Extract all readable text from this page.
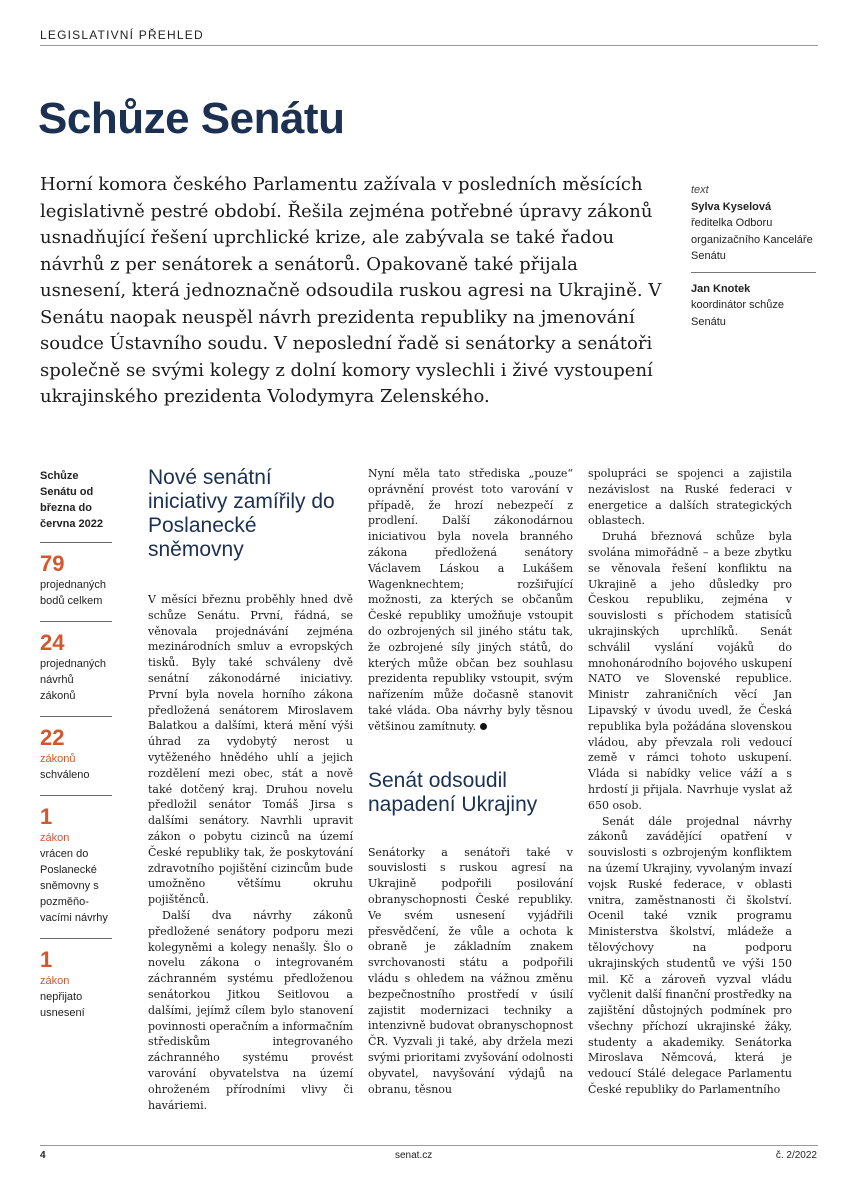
LEGISLATIVNÍ PŘEHLED
Schůze Senátu

Horní komora českého Parlamentu zažívala v posledních měsících legislativně pestré období. Řešila zejména potřebné úpravy zákonů usnadňující řešení uprchlické krize, ale zabývala se také řadou návrhů z per senátorek a senátorů. Opakovaně také přijala usnesení, která jednoznačně odsoudila ruskou agresi na Ukrajině. V Senátu naopak neuspěl návrh prezidenta republiky na jmenování soudce Ústavního soudu. V neposlední řadě si senátorky a senátoři společně se svými kolegy z dolní komory vyslechli i živé vystoupení ukrajinského prezidenta Volodymyra Zelenského.

text
Sylva Kyselová
ředitelka Odboru organizačního Kanceláře Senátu
Jan Knotek
koordinátor schůze Senátu
Schůze Senátu od března do června 2022
79
projednaných bodů celkem
24
projednaných návrhů zákonů
22
zákonů
schváleno
1
zákon
vrácen do Poslanecké sněmovny s pozměňovacími návrhy
1
zákon
nepřijato usnesení
Nové senátní iniciativy zamířily do Poslanecké sněmovny

V měsíci březnu proběhly hned dvě schůze Senátu. První, řádná, se věnovala projednávání zejména mezinárodních smluv a evropských tisků. Byly také schváleny dvě senátní zákonodárné iniciativy. První byla novela horního zákona předložená senátorem Miroslavem Balatkou a dalšími, která mění výši úhrad za vydobytý nerost u vytěženého hnědého uhlí a jejich rozdělení mezi obec, stát a nově také dotčený kraj. Druhou novelu předložil senátor Tomáš Jirsa s dalšími senátory. Navrhli upravit zákon o pobytu cizinců na území České republiky tak, že poskytování zdravotního pojištění cizincům bude umožněno většímu okruhu pojištěnců.

Další dva návrhy zákonů předložené senátory podporu mezi kolegyněmi a kolegy nenašly. Šlo o novelu zákona o integrovaném záchranném systému předloženou senátorkou Jitkou Seitlovou a dalšími, jejímž cílem bylo stanovení povinnosti operačním a informačním střediskům integrovaného záchranného systému provést varování obyvatelstva na území ohroženém přírodními vlivy či haváriemi.

Nyní měla tato střediska „pouze“ oprávnění provést toto varování v případě, že hrozí nebezpečí z prodlení. Další zákonodárnou iniciativou byla novela branného zákona předložená senátory Václavem Láskou a Lukášem Wagenknechtem; rozšiřující možnosti, za kterých se občanům České republiky umožňuje vstoupit do ozbrojených sil jiného státu tak, že ozbrojené síly jiných států, do kterých může občan bez souhlasu prezidenta republiky vstoupit, svým nařízením může dočasně stanovit také vláda. Oba návrhy byly těsnou většinou zamítnuty.

Senát odsoudil napadení Ukrajiny

Senátorky a senátoři také v souvislosti s ruskou agresí na Ukrajině podpořili posilování obranyschopnosti České republiky. Ve svém usnesení vyjádřili přesvědčení, že vůle a ochota k obraně je základním znakem svrchovanosti státu a podpořili vládu s ohledem na vážnou změnu bezpečnostního prostředí v úsilí zajistit modernizaci techniky a intenzivně budovat obranyschopnost ČR. Vyzvali ji také, aby držela mezi svými prioritami zvyšování odolnosti obyvatel, navyšování výdajů na obranu, těsnou

spolupráci se spojenci a zajistila nezávislost na Ruské federaci v energetice a dalších strategických oblastech.

Druhá březnová schůze byla svolána mimořádně – a beze zbytku se věnovala řešení konfliktu na Ukrajině a jeho důsledky pro Českou republiku, zejména v souvislosti s příchodem statisíců ukrajinských uprchlíků. Senát schválil vyslání vojáků do mnohonárodního bojového uskupení NATO ve Slovenské republice. Ministr zahraničních věcí Jan Lipavský v úvodu uvedl, že Česká republika byla požádána slovenskou vládou, aby převzala roli vedoucí země v rámci tohoto uskupení. Vláda si nabídky velice váží a s hrdostí ji přijala. Navrhuje vyslat až 650 osob.

Senát dále projednal návrhy zákonů zavádějící opatření v souvislosti s ozbrojeným konfliktem na území Ukrajiny, vyvolaným invazí vojsk Ruské federace, v oblasti vnitra, zaměstnanosti či školství. Ocenil také vznik programu Ministerstva školství, mládeže a tělovýchovy na podporu ukrajinských studentů ve výši 150 mil. Kč a zároveň vyzval vládu vyčlenit další finanční prostředky na zajištění důstojných podmínek pro všechny příchozí ukrajinské žáky, studenty a akademiky. Senátorka Miroslava Němcová, která je vedoucí Stálé delegace Parlamentu České republiky do Parlamentního

4	senat.cz	č. 2/2022
